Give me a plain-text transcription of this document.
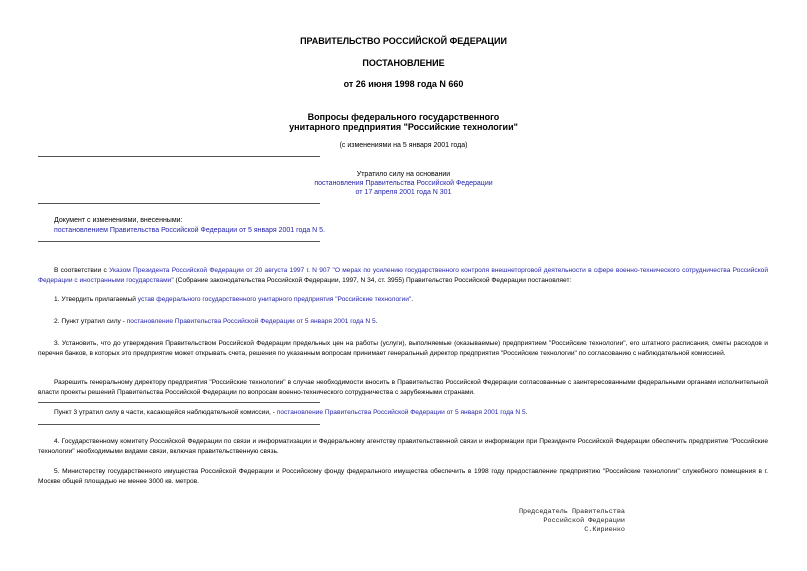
ПРАВИТЕЛЬСТВО РОССИЙСКОЙ ФЕДЕРАЦИИ
ПОСТАНОВЛЕНИЕ
от 26 июня 1998 года N 660
Вопросы федерального государственного
унитарного предприятия "Российские технологии"
(с изменениями на 5 января 2001 года)
Утратило силу на основании
постановления Правительства Российской Федерации
от 17 апреля 2001 года N 301
Документ с изменениями, внесенными:
постановлением Правительства Российской Федерации от 5 января 2001 года N 5.
В соответствии с Указом Президента Российской Федерации от 20 августа 1997 г. N 907 "О мерах по усилению государственного контроля внешнеторговой деятельности в сфере военно-технического сотрудничества Российской Федерации с иностранными государствами" (Собрание законодательства Российской Федерации, 1997, N 34, ст. 3955) Правительство Российской Федерации постановляет:
1. Утвердить прилагаемый устав федерального государственного унитарного предприятия "Российские технологии".
2. Пункт утратил силу - постановление Правительства Российской Федерации от 5 января 2001 года N 5.
3. Установить, что до утверждения Правительством Российской Федерации предельных цен на работы (услуги), выполняемые (оказываемые) предприятием "Российские технологии", его штатного расписания, сметы расходов и перечня банков, в которых это предприятие может открывать счета, решения по указанным вопросам принимает генеральный директор предприятия "Российские технологии" по согласованию с наблюдательной комиссией.
Разрешить генеральному директору предприятия "Российские технологии" в случае необходимости вносить в Правительство Российской Федерации согласованные с заинтересованными федеральными органами исполнительной власти проекты решений Правительства Российской Федерации по вопросам военно-технического сотрудничества с зарубежными странами.
Пункт 3 утратил силу в части, касающейся наблюдательной комиссии, - постановление Правительства Российской Федерации от 5 января 2001 года N 5.
4. Государственному комитету Российской Федерации по связи и информатизации и Федеральному агентству правительственной связи и информации при Президенте Российской Федерации обеспечить предприятие "Российские технологии" необходимыми видами связи, включая правительственную связь.
5. Министерству государственного имущества Российской Федерации и Российскому фонду федерального имущества обеспечить в 1998 году предоставление предприятию "Российские технологии" служебного помещения в г. Москве общей площадью не менее 3000 кв. метров.
Председатель Правительства
Российской Федерации
С.Кириенко
